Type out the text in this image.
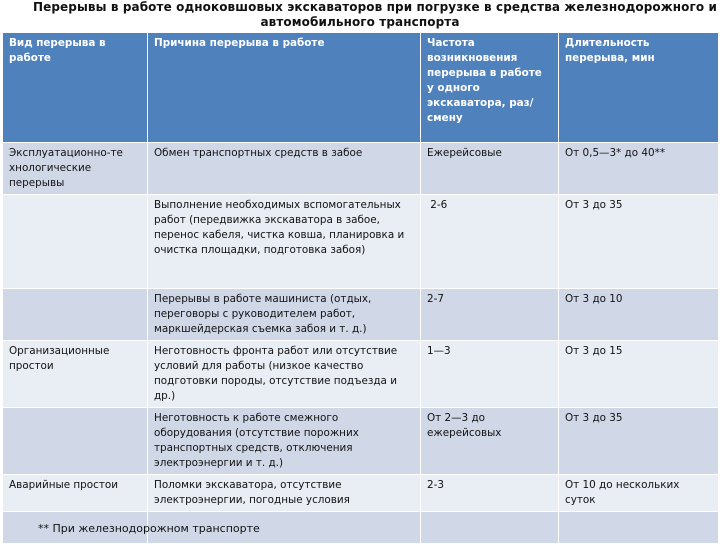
Перерывы в работе одноковшовых экскаваторов при погрузке в средства железнодорожного и
автомобильного транспорта
Вид перерыва в работе	Причина перерыва в работе	Частота возникновения перерыва в работе у одного экскаватора, раз/смену	Длительность перерыва, мин
Эксплуатационно-те хнологические перерывы	Обмен транспортных средств в забое	Ежерейсовые	От 0,5—3* до 40**
	Выполнение необходимых вспомогательных работ (передвижка экскаватора в забое, перенос кабеля, чистка ковша, планировка и очистка площадки, подготовка забоя)	2-6	От 3 до 35
	Перерывы в работе машиниста (отдых, переговоры с руководителем работ, маркшейдерская съемка забоя и т. д.)	2-7	От 3 до 10
Организационные простои	Неготовность фронта работ или отсутствие условий для работы (низкое качество подготовки породы, отсутствие подъезда и др.)	1—3	От 3 до 15
	Неготовность к работе смежного оборудования (отсутствие порожних транспортных средств, отключения электроэнергии и т. д.)	От 2—3 до ежерейсовых	От 3 до 35
Аварийные простои	Поломки экскаватора, отсутствие электроэнергии, погодные условия	2-3	От 10 до нескольких суток

** При железнодорожном транспорте
